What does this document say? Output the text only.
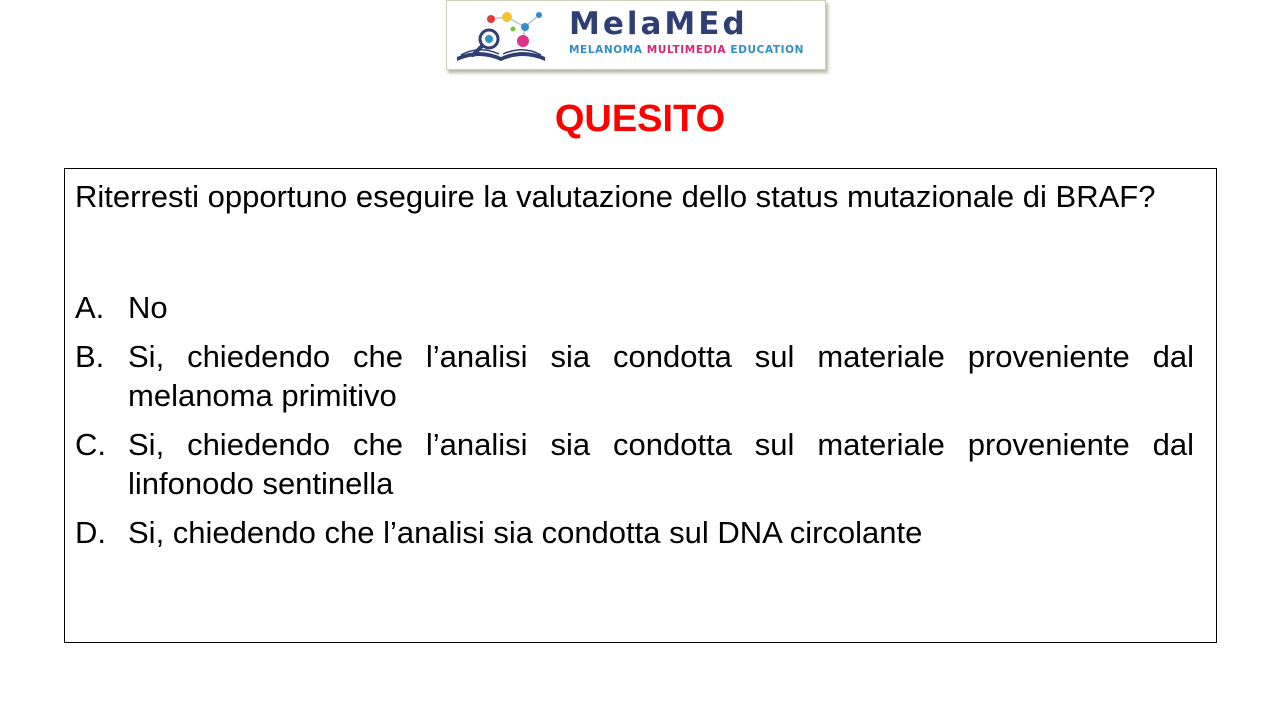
MelaMEd
MELANOMA MULTIMEDIA EDUCATION
QUESITO

Riterresti opportuno eseguire la valutazione dello status mutazionale di BRAF?

A. No
B. Si, chiedendo che l’analisi sia condotta sul materiale proveniente dal melanoma primitivo
C. Si, chiedendo che l’analisi sia condotta sul materiale proveniente dal linfonodo sentinella
D. Si, chiedendo che l’analisi sia condotta sul DNA circolante
